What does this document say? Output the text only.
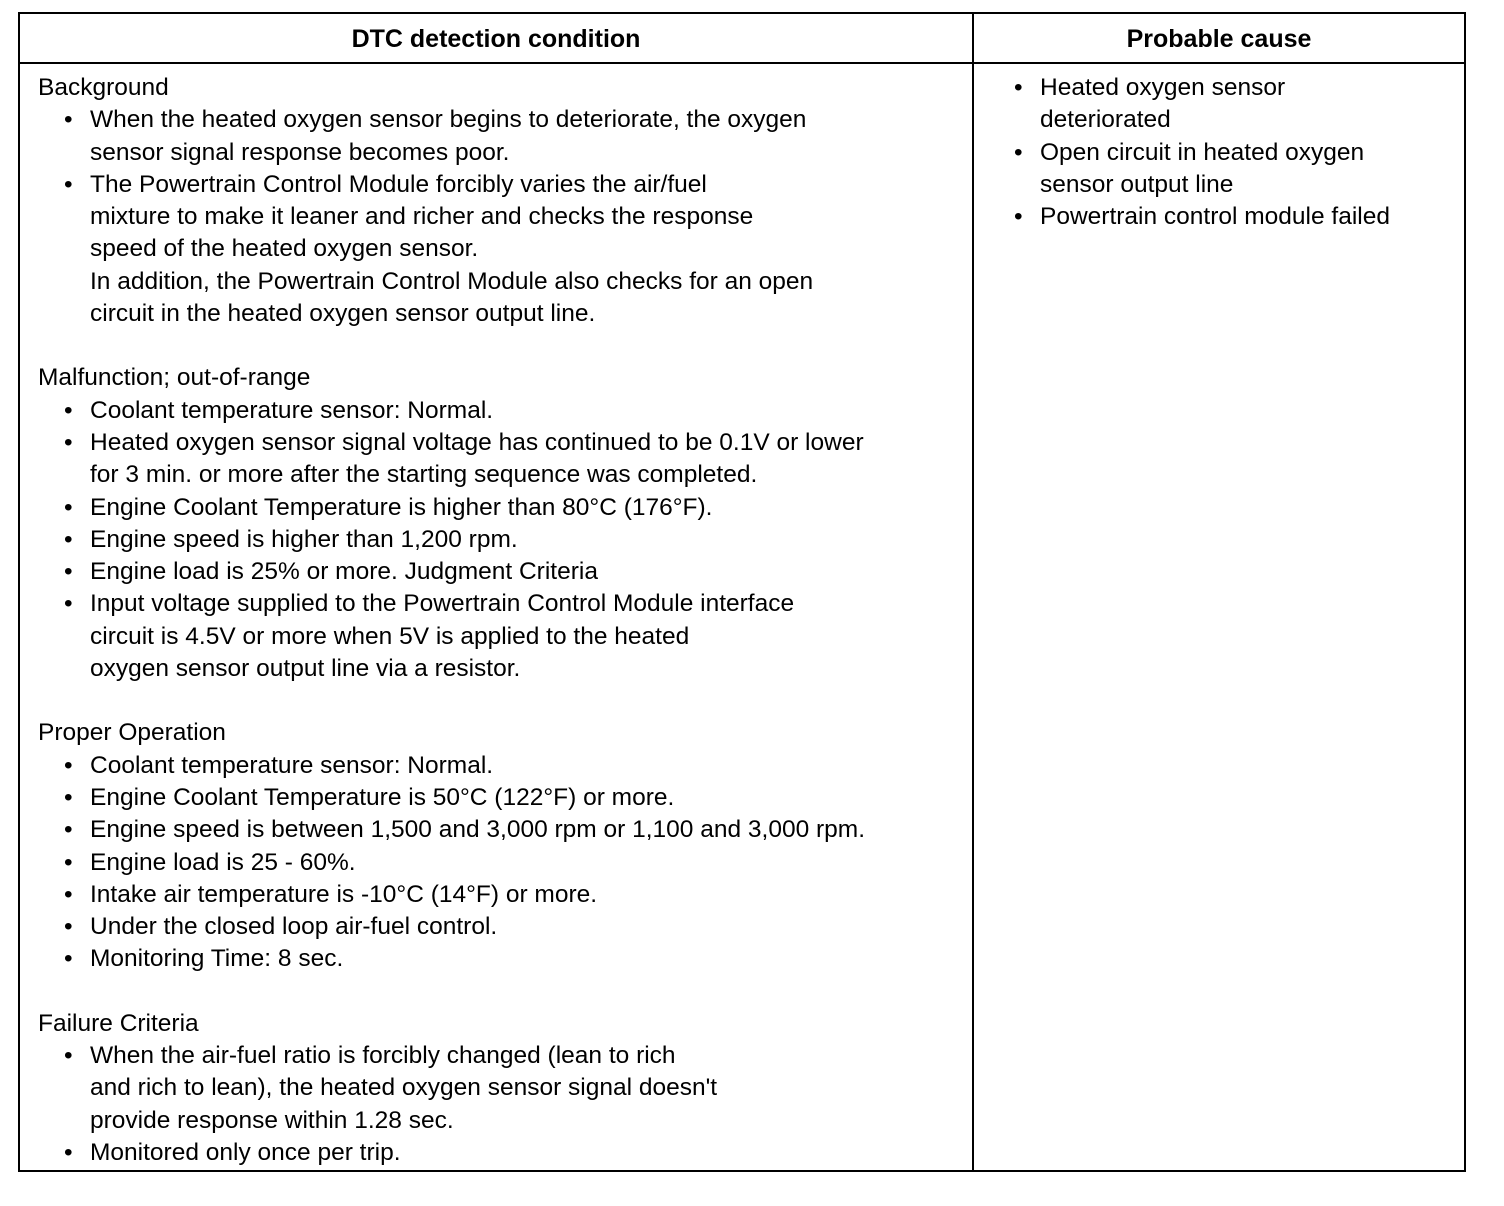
DTC detection condition	Probable cause
Background
• When the heated oxygen sensor begins to deteriorate, the oxygen
sensor signal response becomes poor.
• The Powertrain Control Module forcibly varies the air/fuel
mixture to make it leaner and richer and checks the response
speed of the heated oxygen sensor.
In addition, the Powertrain Control Module also checks for an open
circuit in the heated oxygen sensor output line.
Malfunction; out-of-range
• Coolant temperature sensor: Normal.
• Heated oxygen sensor signal voltage has continued to be 0.1V or lower
for 3 min. or more after the starting sequence was completed.
• Engine Coolant Temperature is higher than 80°C (176°F).
• Engine speed is higher than 1,200 rpm.
• Engine load is 25% or more. Judgment Criteria
• Input voltage supplied to the Powertrain Control Module interface
circuit is 4.5V or more when 5V is applied to the heated
oxygen sensor output line via a resistor.
Proper Operation
• Coolant temperature sensor: Normal.
• Engine Coolant Temperature is 50°C (122°F) or more.
• Engine speed is between 1,500 and 3,000 rpm or 1,100 and 3,000 rpm.
• Engine load is 25 - 60%.
• Intake air temperature is -10°C (14°F) or more.
• Under the closed loop air-fuel control.
• Monitoring Time: 8 sec.
Failure Criteria
• When the air-fuel ratio is forcibly changed (lean to rich
and rich to lean), the heated oxygen sensor signal doesn't
provide response within 1.28 sec.
• Monitored only once per trip.
• Heated oxygen sensor
deteriorated
• Open circuit in heated oxygen
sensor output line
• Powertrain control module failed
